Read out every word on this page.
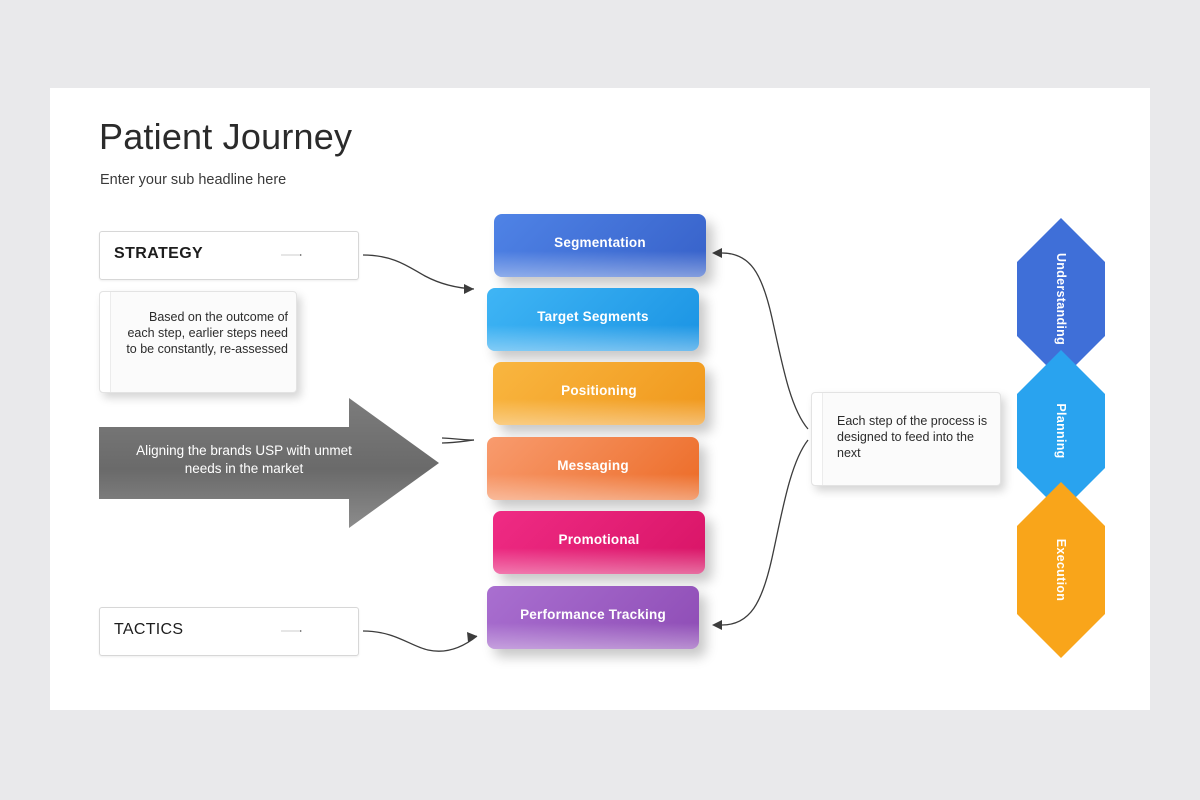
Patient Journey
Enter your sub headline here
STRATEGY
TACTICS
Based on the outcome of each step, earlier steps need to be constantly, re-assessed
Each step of the process is designed to feed into the next
Aligning the brands USP with unmet needs in the market
Segmentation
Target Segments
Positioning
Messaging
Promotional
Performance Tracking
Understanding
Planning
Execution
